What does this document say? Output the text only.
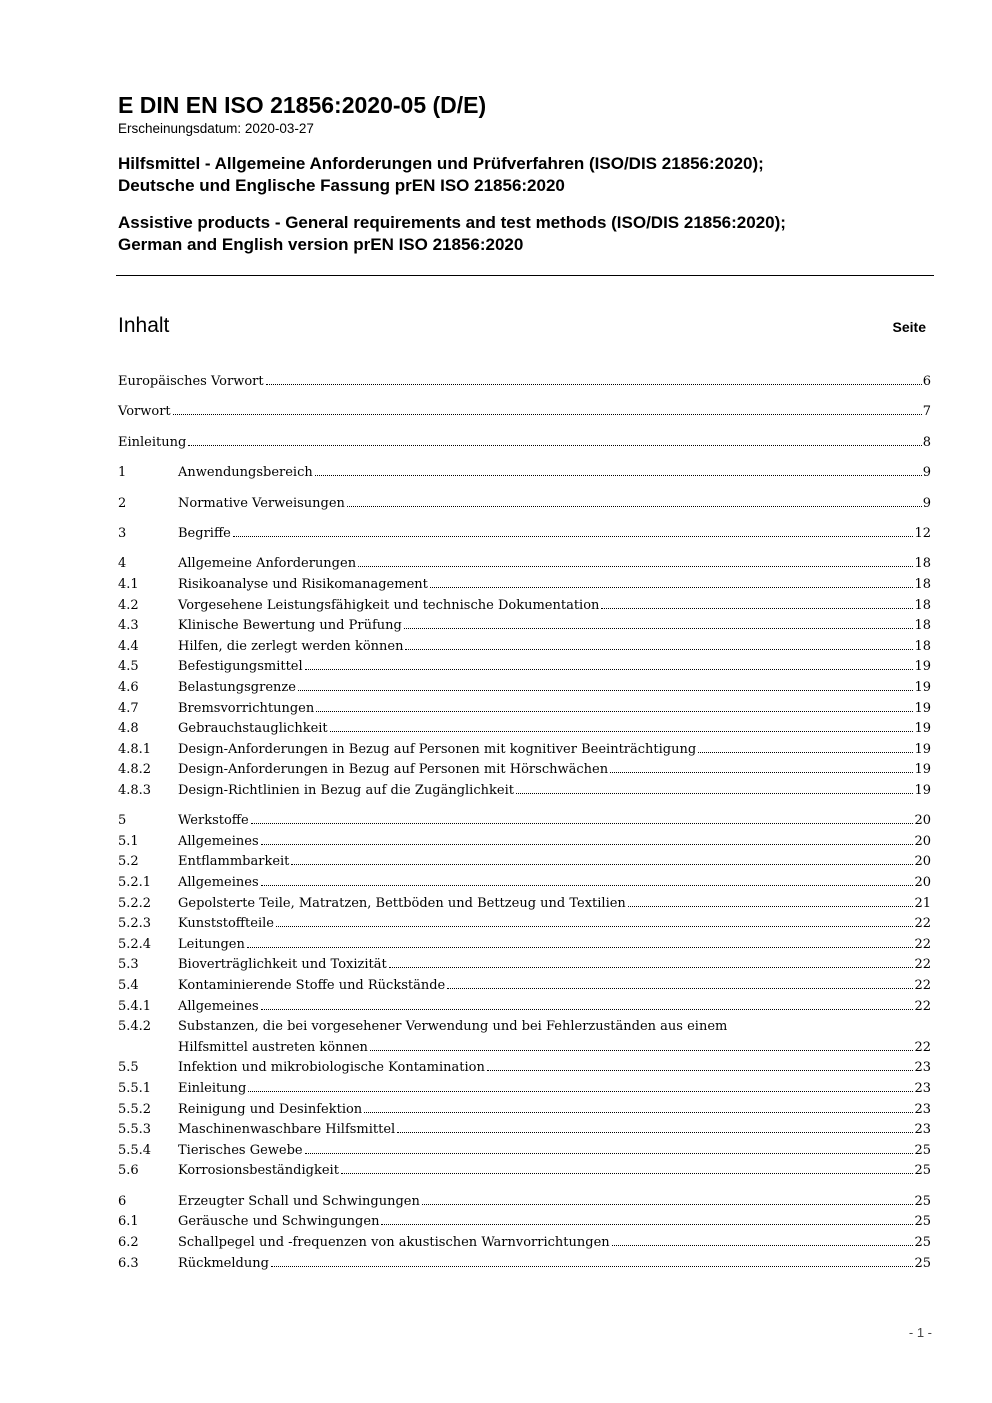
E DIN EN ISO 21856:2020-05 (D/E)

Erscheinungsdatum: 2020-03-27

Hilfsmittel - Allgemeine Anforderungen und Prüfverfahren (ISO/DIS 21856:2020);
Deutsche und Englische Fassung prEN ISO 21856:2020

Assistive products - General requirements and test methods (ISO/DIS 21856:2020);
German and English version prEN ISO 21856:2020

Inhalt	Seite
Europäisches Vorwort	6
Vorwort	7
Einleitung	8
1	Anwendungsbereich	9
2	Normative Verweisungen	9
3	Begriffe	12
4	Allgemeine Anforderungen	18
4.1	Risikoanalyse und Risikomanagement	18
4.2	Vorgesehene Leistungsfähigkeit und technische Dokumentation	18
4.3	Klinische Bewertung und Prüfung	18
4.4	Hilfen, die zerlegt werden können	18
4.5	Befestigungsmittel	19
4.6	Belastungsgrenze	19
4.7	Bremsvorrichtungen	19
4.8	Gebrauchstauglichkeit	19
4.8.1	Design-Anforderungen in Bezug auf Personen mit kognitiver Beeinträchtigung	19
4.8.2	Design-Anforderungen in Bezug auf Personen mit Hörschwächen	19
4.8.3	Design-Richtlinien in Bezug auf die Zugänglichkeit	19
5	Werkstoffe	20
5.1	Allgemeines	20
5.2	Entflammbarkeit	20
5.2.1	Allgemeines	20
5.2.2	Gepolsterte Teile, Matratzen, Bettböden und Bettzeug und Textilien	21
5.2.3	Kunststoffteile	22
5.2.4	Leitungen	22
5.3	Bioverträglichkeit und Toxizität	22
5.4	Kontaminierende Stoffe und Rückstände	22
5.4.1	Allgemeines	22
5.4.2	Substanzen, die bei vorgesehener Verwendung und bei Fehlerzuständen aus einem
Hilfsmittel austreten können	22
5.5	Infektion und mikrobiologische Kontamination	23
5.5.1	Einleitung	23
5.5.2	Reinigung und Desinfektion	23
5.5.3	Maschinenwaschbare Hilfsmittel	23
5.5.4	Tierisches Gewebe	25
5.6	Korrosionsbeständigkeit	25
6	Erzeugter Schall und Schwingungen	25
6.1	Geräusche und Schwingungen	25
6.2	Schallpegel und -frequenzen von akustischen Warnvorrichtungen	25
6.3	Rückmeldung	25
- 1 -
